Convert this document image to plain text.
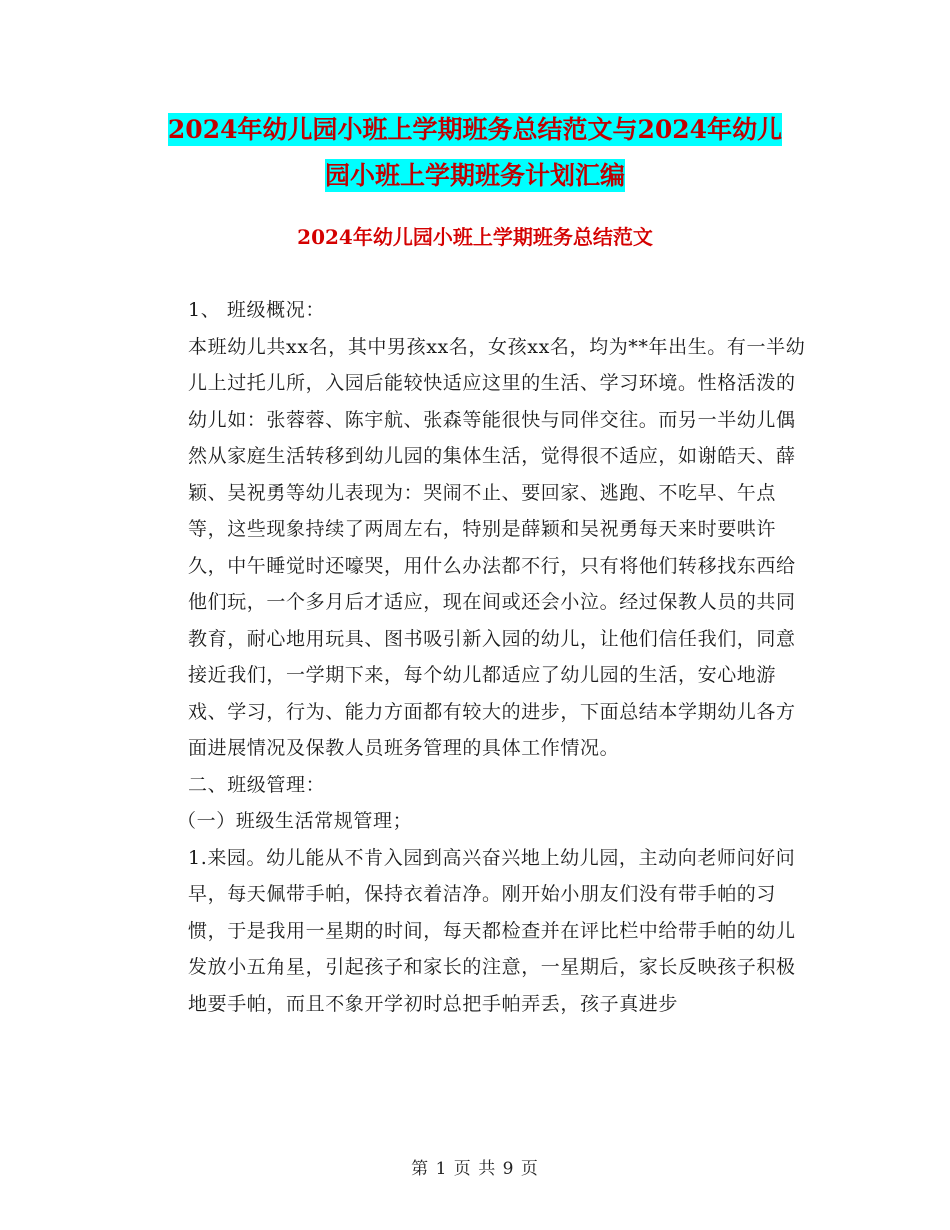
2024年幼儿园小班上学期班务总结范文与2024年幼儿
园小班上学期班务计划汇编
2024年幼儿园小班上学期班务总结范文

1、 班级概况：

本班幼儿共xx名，其中男孩xx名，女孩xx名，均为**年出生。有一半幼儿上过托儿所，入园后能较快适应这里的生活、学习环境。性格活泼的幼儿如：张蓉蓉、陈宇航、张森等能很快与同伴交往。而另一半幼儿偶然从家庭生活转移到幼儿园的集体生活，觉得很不适应，如谢皓天、薛颖、吴祝勇等幼儿表现为：哭闹不止、要回家、逃跑、不吃早、午点等，这些现象持续了两周左右，特别是薛颖和吴祝勇每天来时要哄许久，中午睡觉时还嚎哭，用什么办法都不行，只有将他们转移找东西给他们玩，一个多月后才适应，现在间或还会小泣。经过保教人员的共同教育，耐心地用玩具、图书吸引新入园的幼儿，让他们信任我们，同意接近我们，一学期下来，每个幼儿都适应了幼儿园的生活，安心地游戏、学习，行为、能力方面都有较大的进步，下面总结本学期幼儿各方面进展情况及保教人员班务管理的具体工作情况。

二、班级管理：

（一）班级生活常规管理；

1.来园。幼儿能从不肯入园到高兴奋兴地上幼儿园，主动向老师问好问早，每天佩带手帕，保持衣着洁净。刚开始小朋友们没有带手帕的习惯，于是我用一星期的时间，每天都检查并在评比栏中给带手帕的幼儿发放小五角星，引起孩子和家长的注意，一星期后，家长反映孩子积极地要手帕，而且不象开学初时总把手帕弄丢，孩子真进步

第 1 页 共 9 页
